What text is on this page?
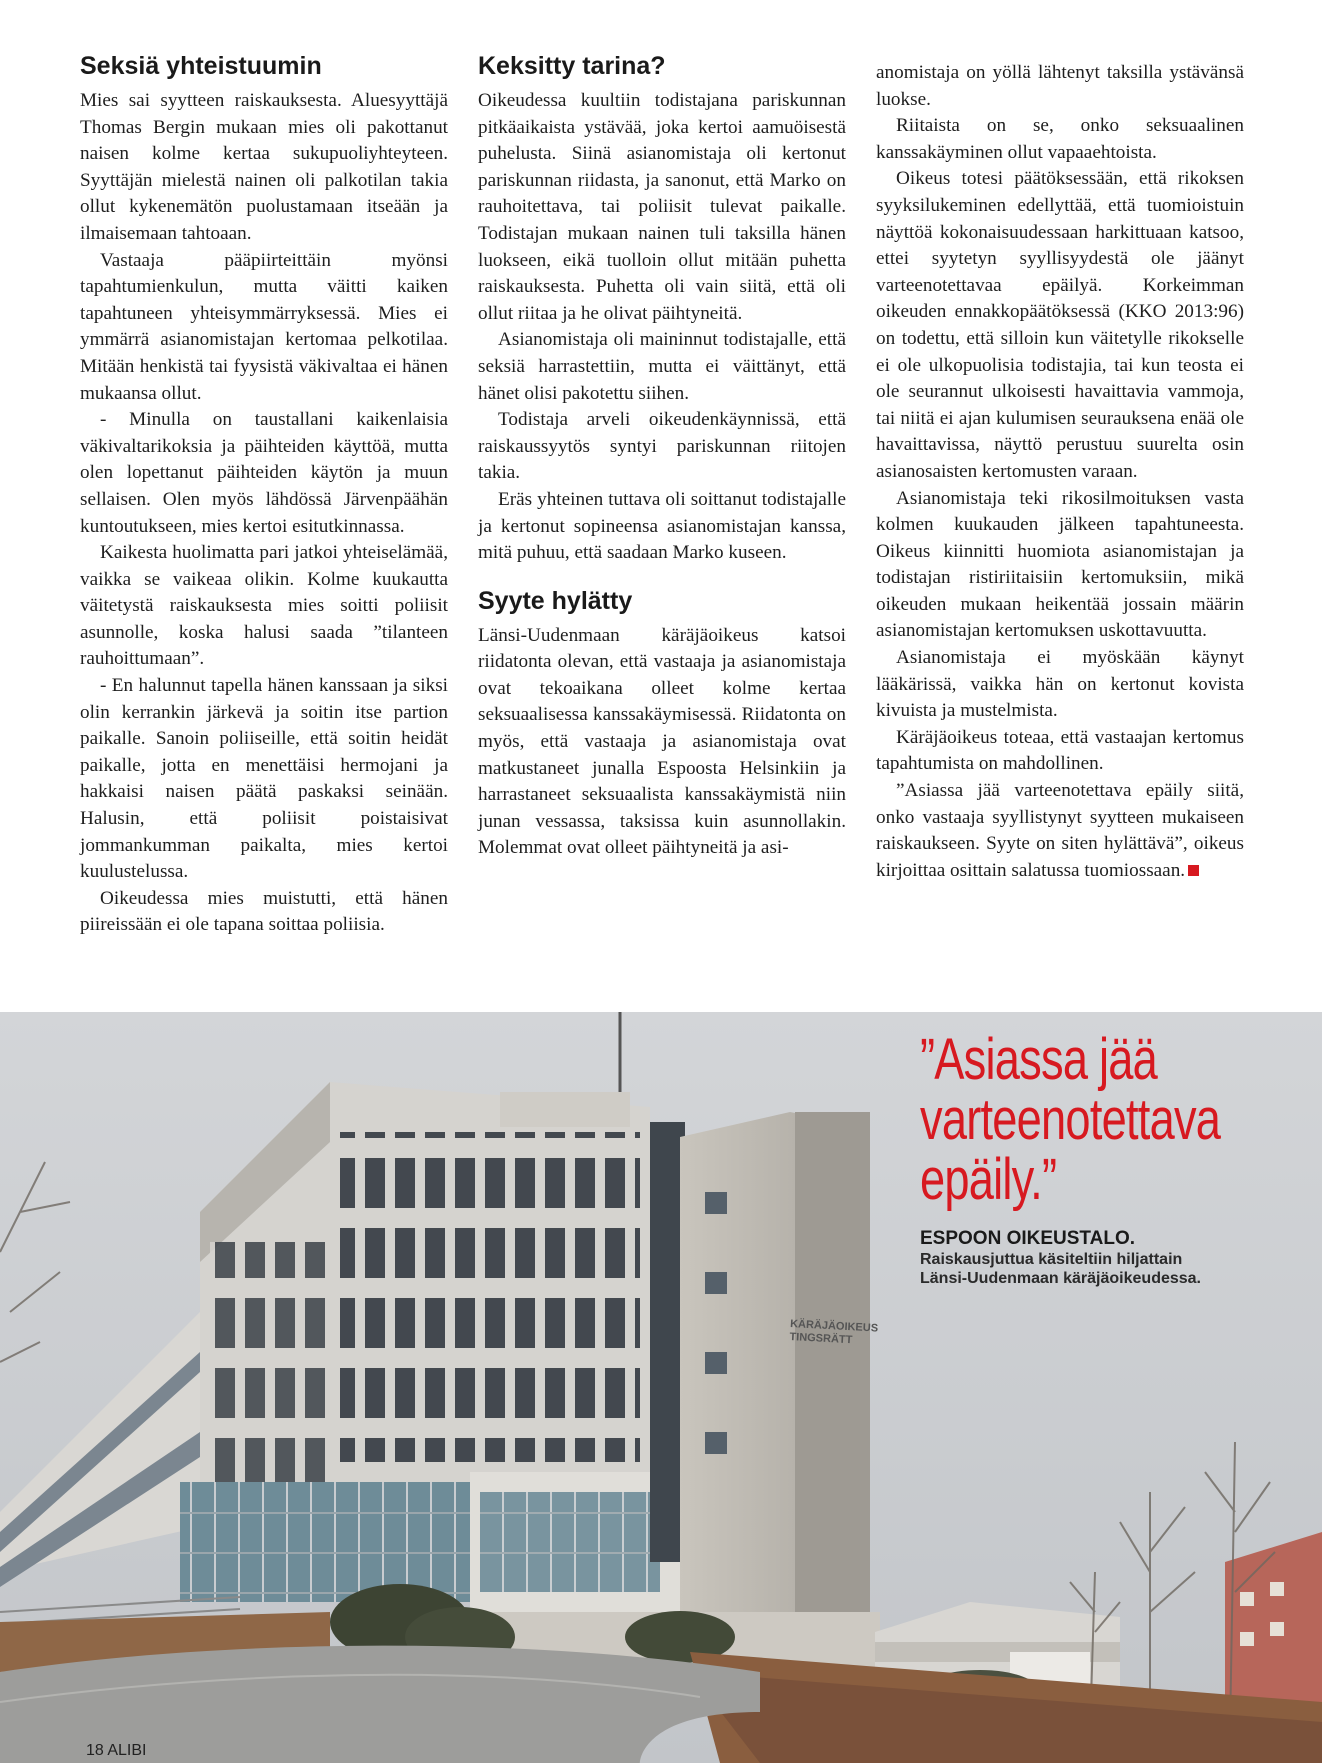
Seksiä yhteistuumin

Mies sai syytteen raiskauksesta. Aluesyyttäjä Thomas Bergin mukaan mies oli pakottanut naisen kolme kertaa sukupuoliyhteyteen. Syyttäjän mielestä nainen oli palkotilan takia ollut kykenemätön puolustamaan itseään ja ilmaisemaan tahtoaan.

Vastaaja pääpiirteittäin myönsi tapahtumienkulun, mutta väitti kaiken tapahtuneen yhteisymmärryksessä. Mies ei ymmärrä asianomistajan kertomaa pelkotilaa. Mitään henkistä tai fyysistä väkivaltaa ei hänen mukaansa ollut.

- Minulla on taustallani kaikenlaisia väkivaltarikoksia ja päihteiden käyttöä, mutta olen lopettanut päihteiden käytön ja muun sellaisen. Olen myös lähdössä Järvenpäähän kuntoutukseen, mies kertoi esitutkinnassa.

Kaikesta huolimatta pari jatkoi yhteiselämää, vaikka se vaikeaa olikin. Kolme kuukautta väitetystä raiskauksesta mies soitti poliisit asunnolle, koska halusi saada ”tilanteen rauhoittumaan”.

- En halunnut tapella hänen kanssaan ja siksi olin kerrankin järkevä ja soitin itse partion paikalle. Sanoin poliiseille, että soitin heidät paikalle, jotta en menettäisi hermojani ja hakkaisi naisen päätä paskaksi seinään. Halusin, että poliisit poistaisivat jommankumman paikalta, mies kertoi kuulustelussa.

Oikeudessa mies muistutti, että hänen piireissään ei ole tapana soittaa poliisia.

Keksitty tarina?

Oikeudessa kuultiin todistajana pariskunnan pitkäaikaista ystävää, joka kertoi aamuöisestä puhelusta. Siinä asianomistaja oli kertonut pariskunnan riidasta, ja sanonut, että Marko on rauhoitettava, tai poliisit tulevat paikalle. Todistajan mukaan nainen tuli taksilla hänen luokseen, eikä tuolloin ollut mitään puhetta raiskauksesta. Puhetta oli vain siitä, että oli ollut riitaa ja he olivat päihtyneitä.

Asianomistaja oli maininnut todistajalle, että seksiä harrastettiin, mutta ei väittänyt, että hänet olisi pakotettu siihen.

Todistaja arveli oikeudenkäynnissä, että raiskaussyytös syntyi pariskunnan riitojen takia.

Eräs yhteinen tuttava oli soittanut todistajalle ja kertonut sopineensa asianomistajan kanssa, mitä puhuu, että saadaan Marko kuseen.

Syyte hylätty

Länsi-Uudenmaan käräjäoikeus katsoi riidatonta olevan, että vastaaja ja asianomistaja ovat tekoaikana olleet kolme kertaa seksuaalisessa kanssakäymisessä. Riidatonta on myös, että vastaaja ja asianomistaja ovat matkustaneet junalla Espoosta Helsinkiin ja harrastaneet seksuaalista kanssakäymistä niin junan vessassa, taksissa kuin asunnollakin. Molemmat ovat olleet päihtyneitä ja asi-

anomistaja on yöllä lähtenyt taksilla ystävänsä luokse.

Riitaista on se, onko seksuaalinen kanssakäyminen ollut vapaaehtoista.

Oikeus totesi päätöksessään, että rikoksen syyksilukeminen edellyttää, että tuomioistuin näyttöä kokonaisuudessaan harkittuaan katsoo, ettei syytetyn syyllisyydestä ole jäänyt varteenotettavaa epäilyä. Korkeimman oikeuden ennakkopäätöksessä (KKO 2013:96) on todettu, että silloin kun väitetylle rikokselle ei ole ulkopuolisia todistajia, tai kun teosta ei ole seurannut ulkoisesti havaittavia vammoja, tai niitä ei ajan kulumisen seurauksena enää ole havaittavissa, näyttö perustuu suurelta osin asianosaisten kertomusten varaan.

Asianomistaja teki rikosilmoituksen vasta kolmen kuukauden jälkeen tapahtuneesta. Oikeus kiinnitti huomiota asianomistajan ja todistajan ristiriitaisiin kertomuksiin, mikä oikeuden mukaan heikentää jossain määrin asianomistajan kertomuksen uskottavuutta.

Asianomistaja ei myöskään käynyt lääkärissä, vaikka hän on kertonut kovista kivuista ja mustelmista.

Käräjäoikeus toteaa, että vastaajan kertomus tapahtumista on mahdollinen.

”Asiassa jää varteenotettava epäily siitä, onko vastaaja syyllistynyt syytteen mukaiseen raiskaukseen. Syyte on siten hylättävä”, oikeus kirjoittaa osittain salatussa tuomiossaan.

KÄRÄJÄOIKEUSTINGSRÄTT
”Asiassa jää varteenotettava epäily.”
ESPOON OIKEUSTALO.
Raiskausjuttua käsiteltiin hiljattain Länsi-Uudenmaan käräjäoikeudessa.
18 ALIBI
